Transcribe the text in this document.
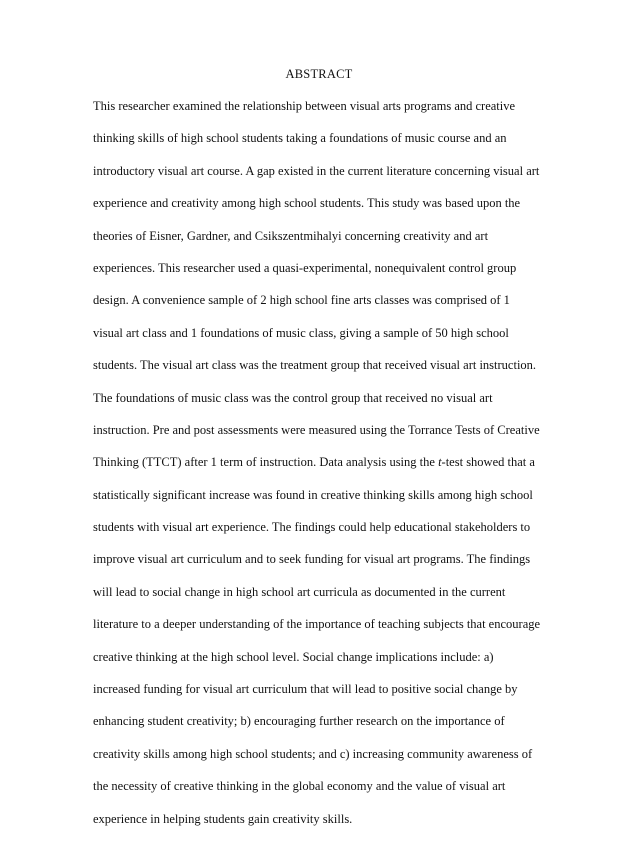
ABSTRACT
This researcher examined the relationship between visual arts programs and creative
thinking skills of high school students taking a foundations of music course and an
introductory visual art course. A gap existed in the current literature concerning visual art
experience and creativity among high school students. This study was based upon the
theories of Eisner, Gardner, and Csikszentmihalyi concerning creativity and art
experiences. This researcher used a quasi-experimental, nonequivalent control group
design. A convenience sample of 2 high school fine arts classes was comprised of 1
visual art class and 1 foundations of music class, giving a sample of 50 high school
students. The visual art class was the treatment group that received visual art instruction.
The foundations of music class was the control group that received no visual art
instruction. Pre and post assessments were measured using the Torrance Tests of Creative
Thinking (TTCT) after 1 term of instruction. Data analysis using the t-test showed that a
statistically significant increase was found in creative thinking skills among high school
students with visual art experience. The findings could help educational stakeholders to
improve visual art curriculum and to seek funding for visual art programs. The findings
will lead to social change in high school art curricula as documented in the current
literature to a deeper understanding of the importance of teaching subjects that encourage
creative thinking at the high school level. Social change implications include: a)
increased funding for visual art curriculum that will lead to positive social change by
enhancing student creativity; b) encouraging further research on the importance of
creativity skills among high school students; and c) increasing community awareness of
the necessity of creative thinking in the global economy and the value of visual art
experience in helping students gain creativity skills.
